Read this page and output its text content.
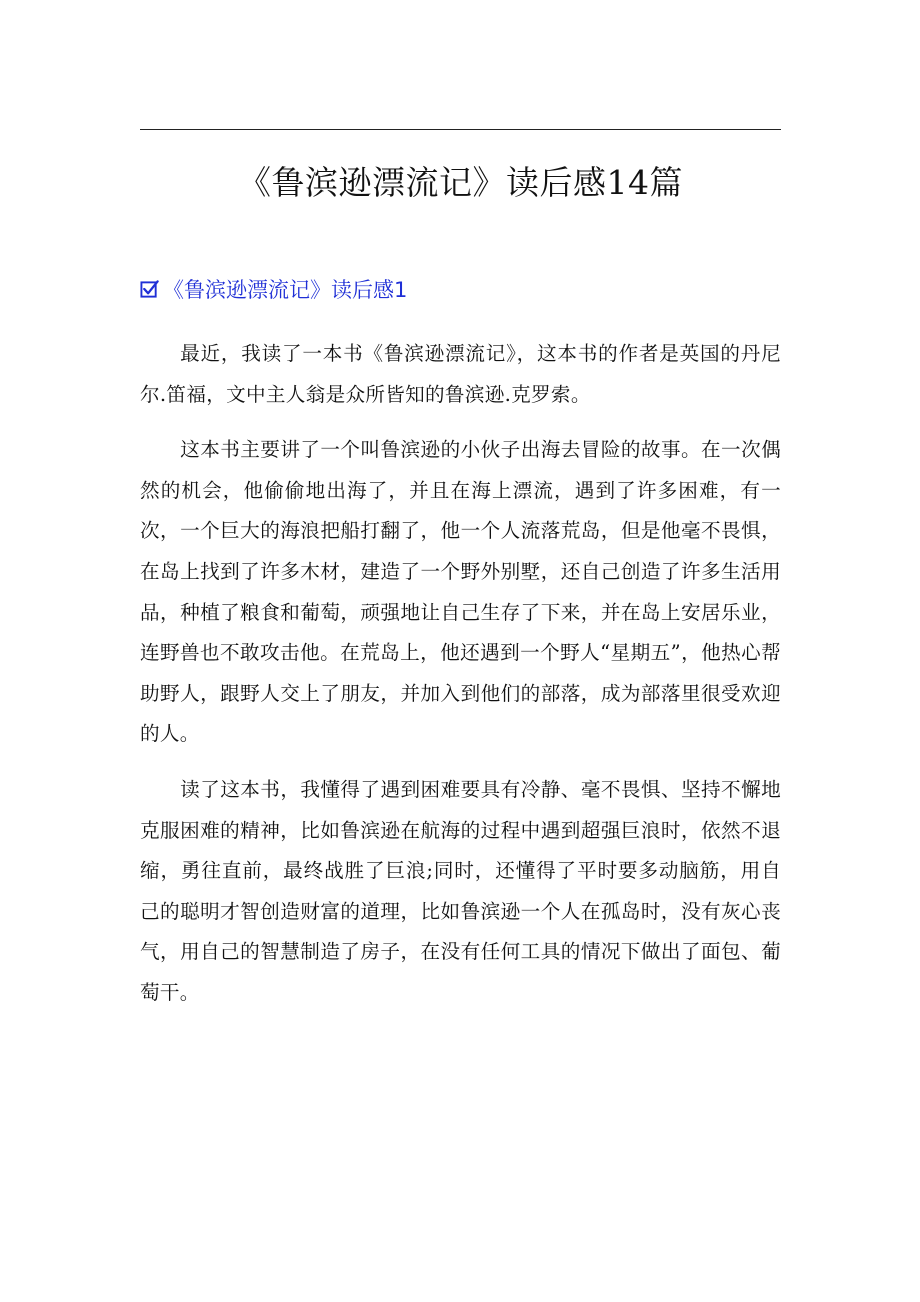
《鲁滨逊漂流记》读后感14篇
《鲁滨逊漂流记》读后感1

最近，我读了一本书《鲁滨逊漂流记》，这本书的作者是英国的丹尼尔.笛福，文中主人翁是众所皆知的鲁滨逊.克罗索。

这本书主要讲了一个叫鲁滨逊的小伙子出海去冒险的故事。在一次偶然的机会，他偷偷地出海了，并且在海上漂流，遇到了许多困难，有一次，一个巨大的海浪把船打翻了，他一个人流落荒岛，但是他毫不畏惧，在岛上找到了许多木材，建造了一个野外别墅，还自己创造了许多生活用品，种植了粮食和葡萄，顽强地让自己生存了下来，并在岛上安居乐业，连野兽也不敢攻击他。在荒岛上，他还遇到一个野人“星期五”，他热心帮助野人，跟野人交上了朋友，并加入到他们的部落，成为部落里很受欢迎的人。

读了这本书，我懂得了遇到困难要具有冷静、毫不畏惧、坚持不懈地克服困难的精神，比如鲁滨逊在航海的过程中遇到超强巨浪时，依然不退缩，勇往直前，最终战胜了巨浪;同时，还懂得了平时要多动脑筋，用自己的聪明才智创造财富的道理，比如鲁滨逊一个人在孤岛时，没有灰心丧气，用自己的智慧制造了房子，在没有任何工具的情况下做出了面包、葡萄干。
